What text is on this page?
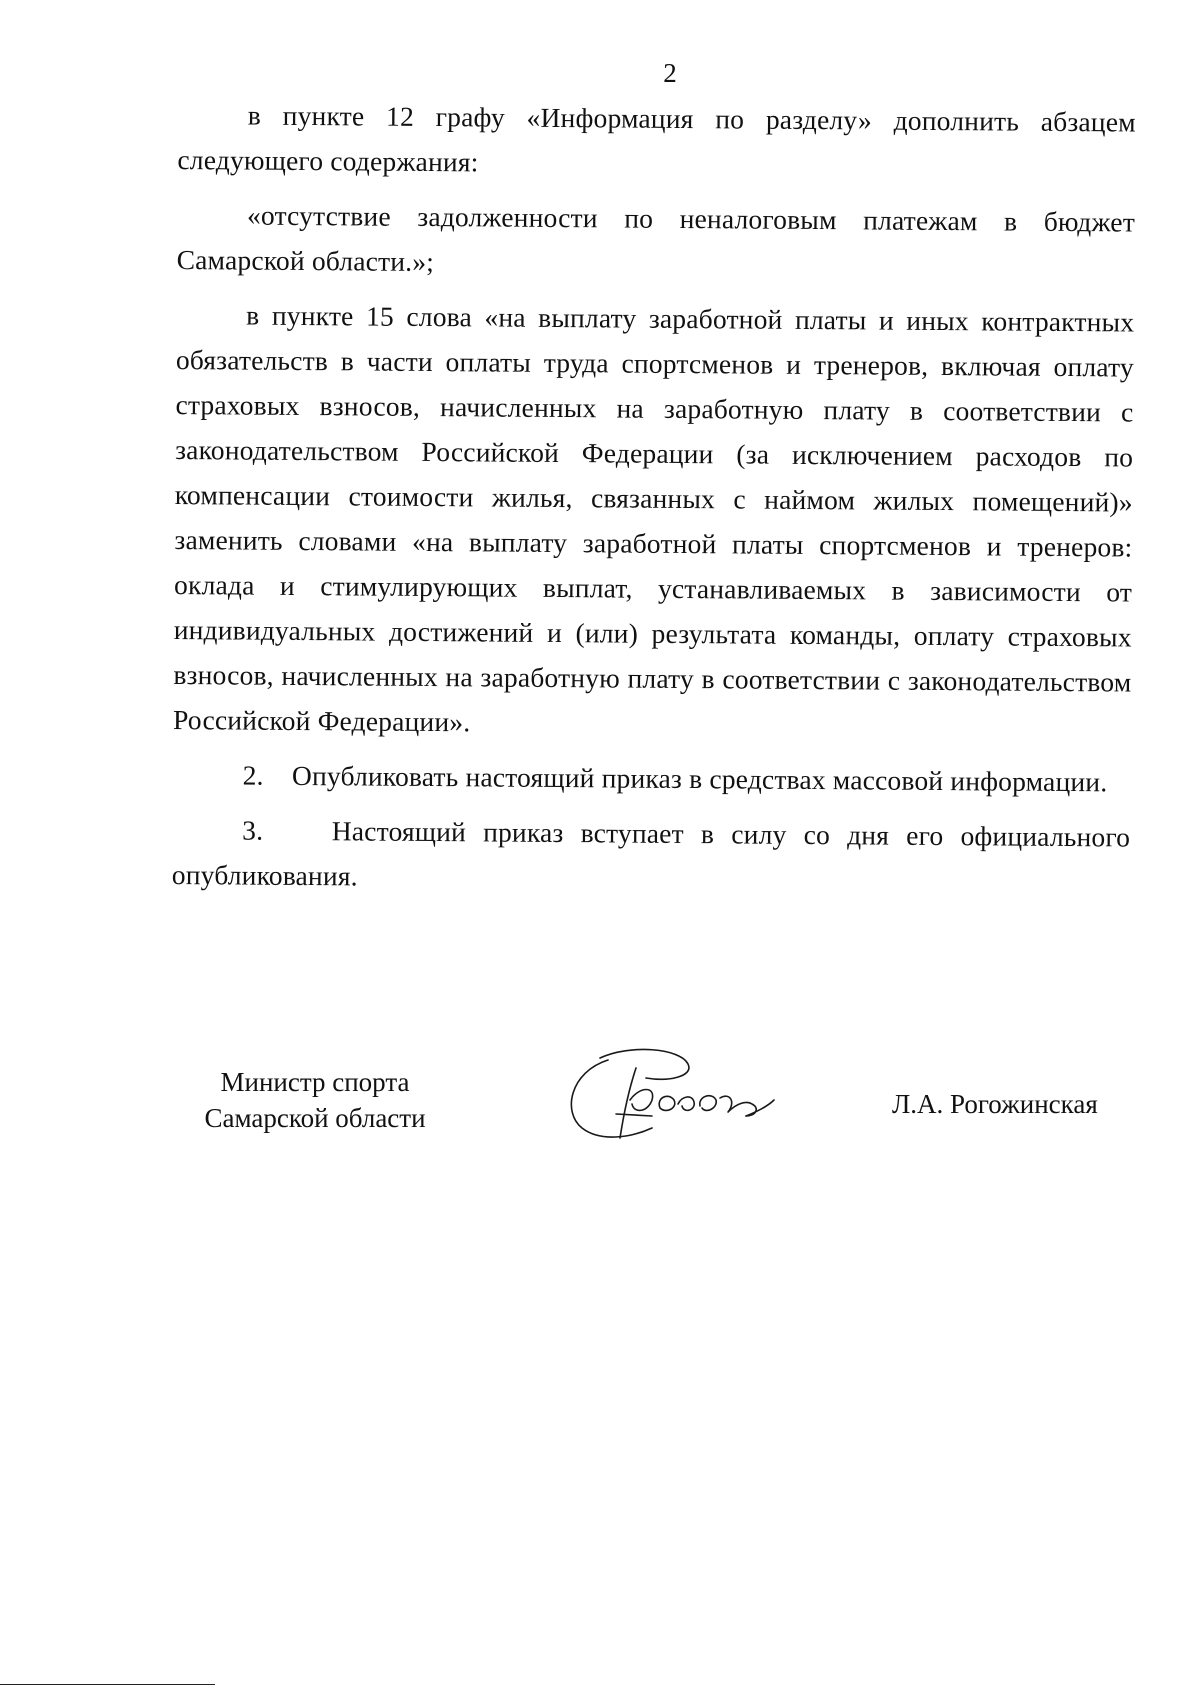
2

в пункте 12 графу «Информация по разделу» дополнить абзацем следующего содержания:

«отсутствие задолженности по неналоговым платежам в бюджет Самарской области.»;

в пункте 15 слова «на выплату заработной платы и иных контрактных обязательств в части оплаты труда спортсменов и тренеров, включая оплату страховых взносов, начисленных на заработную плату в соответствии с законодательством Российской Федерации (за исключением расходов по компенсации стоимости жилья, связанных с наймом жилых помещений)» заменить словами «на выплату заработной платы спортсменов и тренеров: оклада и стимулирующих выплат, устанавливаемых в зависимости от индивидуальных достижений и (или) результата команды, оплату страховых взносов, начисленных на заработную плату в соответствии с законодательством Российской Федерации».

2.    Опубликовать настоящий приказ в средствах массовой информации.

3.    Настоящий приказ вступает в силу со дня его официального опубликования.

Министр спорта
Самарской области	Л.А. Рогожинская
